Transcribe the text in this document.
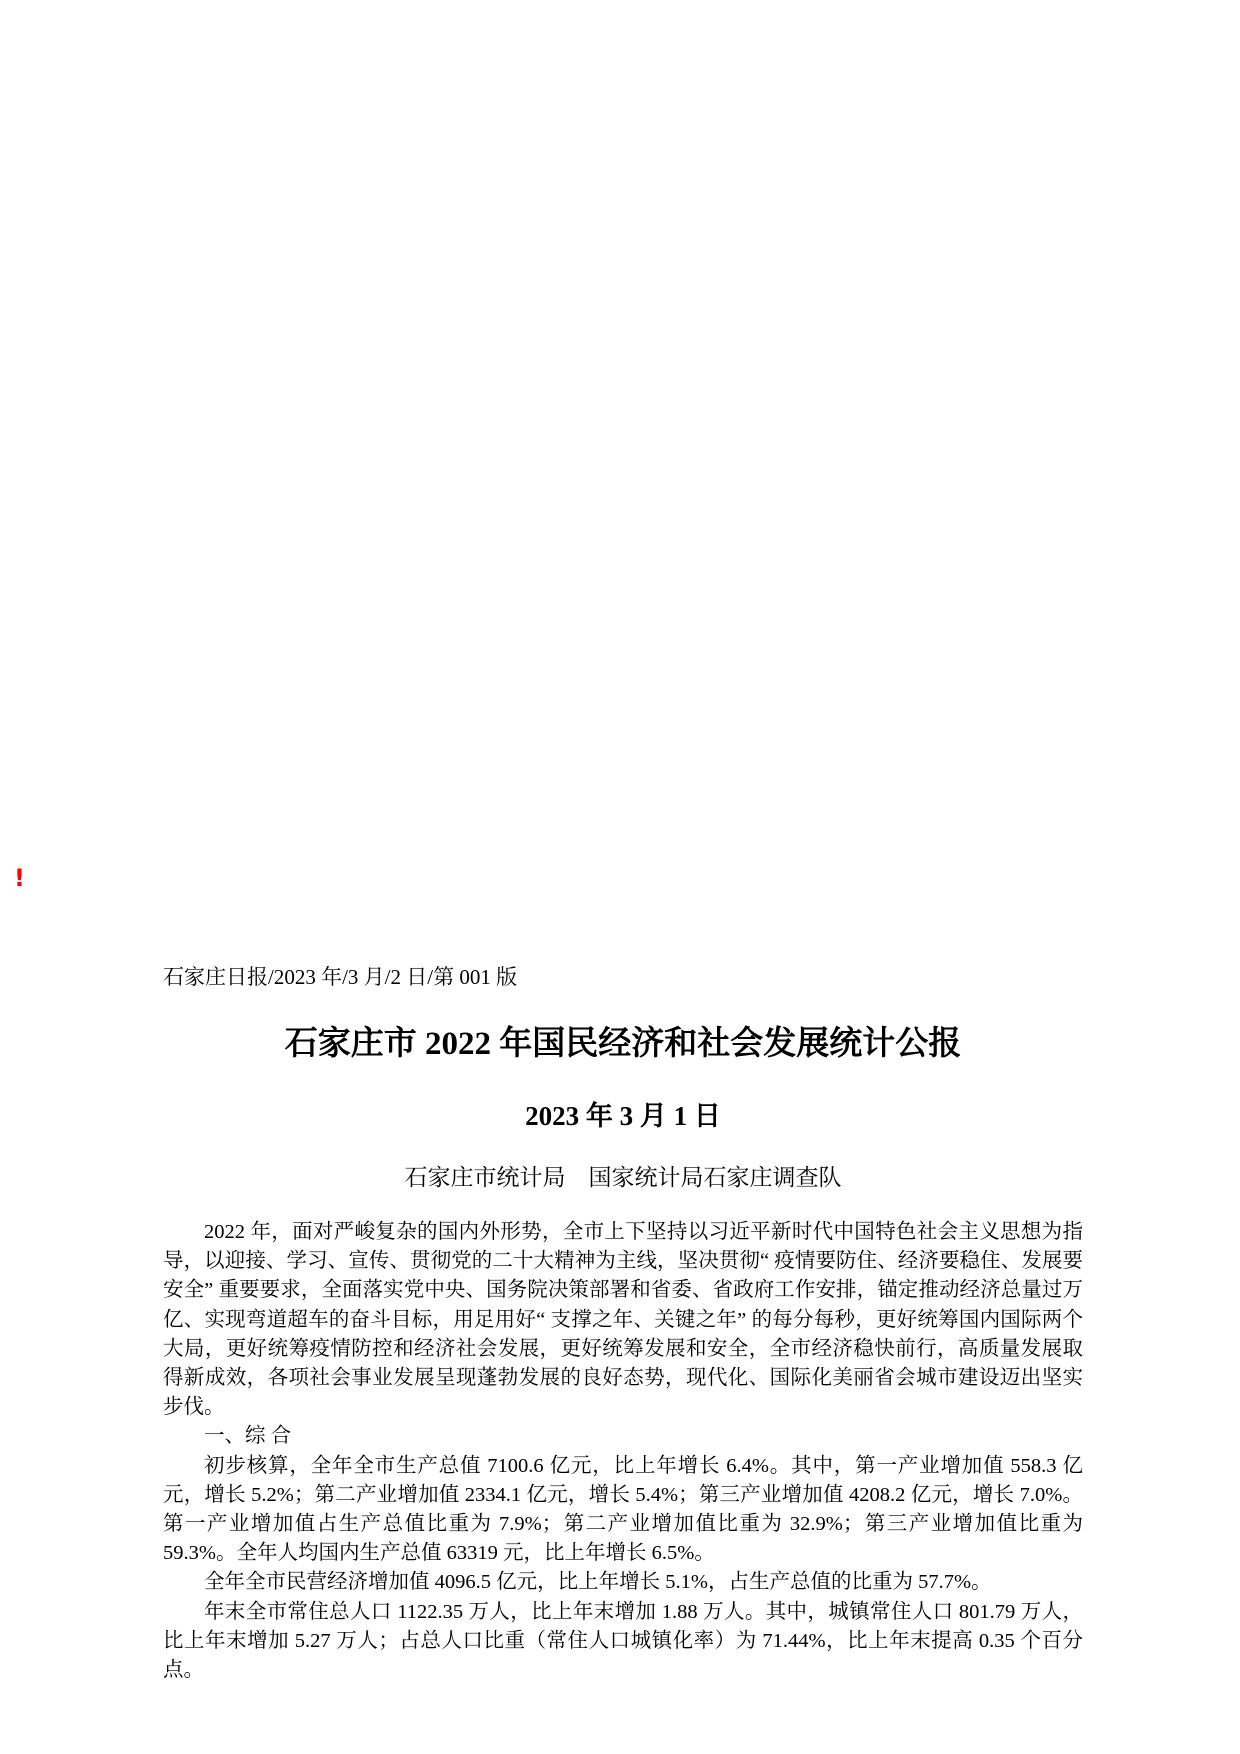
!

石家庄日报/2023 年/3 月/2 日/第 001 版

石家庄市 2022 年国民经济和社会发展统计公报
2023 年 3 月 1 日
石家庄市统计局　国家统计局石家庄调查队

2022 年，面对严峻复杂的国内外形势，全市上下坚持以习近平新时代中国特色社会主义思想为指导，以迎接、学习、宣传、贯彻党的二十大精神为主线，坚决贯彻“ 疫情要防住、经济要稳住、发展要安全” 重要要求，全面落实党中央、国务院决策部署和省委、省政府工作安排，锚定推动经济总量过万亿、实现弯道超车的奋斗目标，用足用好“ 支撑之年、关键之年” 的每分每秒，更好统筹国内国际两个大局，更好统筹疫情防控和经济社会发展，更好统筹发展和安全，全市经济稳快前行，高质量发展取得新成效，各项社会事业发展呈现蓬勃发展的良好态势，现代化、国际化美丽省会城市建设迈出坚实步伐。

一、综 合

初步核算，全年全市生产总值 7100.6 亿元，比上年增长 6.4%。其中，第一产业增加值 558.3 亿元，增长 5.2%；第二产业增加值 2334.1 亿元，增长 5.4%；第三产业增加值 4208.2 亿元，增长 7.0%。第一产业增加值占生产总值比重为 7.9%；第二产业增加值比重为 32.9%；第三产业增加值比重为 59.3%。全年人均国内生产总值 63319 元，比上年增长 6.5%。

全年全市民营经济增加值 4096.5 亿元，比上年增长 5.1%，占生产总值的比重为 57.7%。

年末全市常住总人口 1122.35 万人，比上年末增加 1.88 万人。其中，城镇常住人口 801.79 万人，比上年末增加 5.27 万人；占总人口比重（常住人口城镇化率）为 71.44%，比上年末提高 0.35 个百分点。
